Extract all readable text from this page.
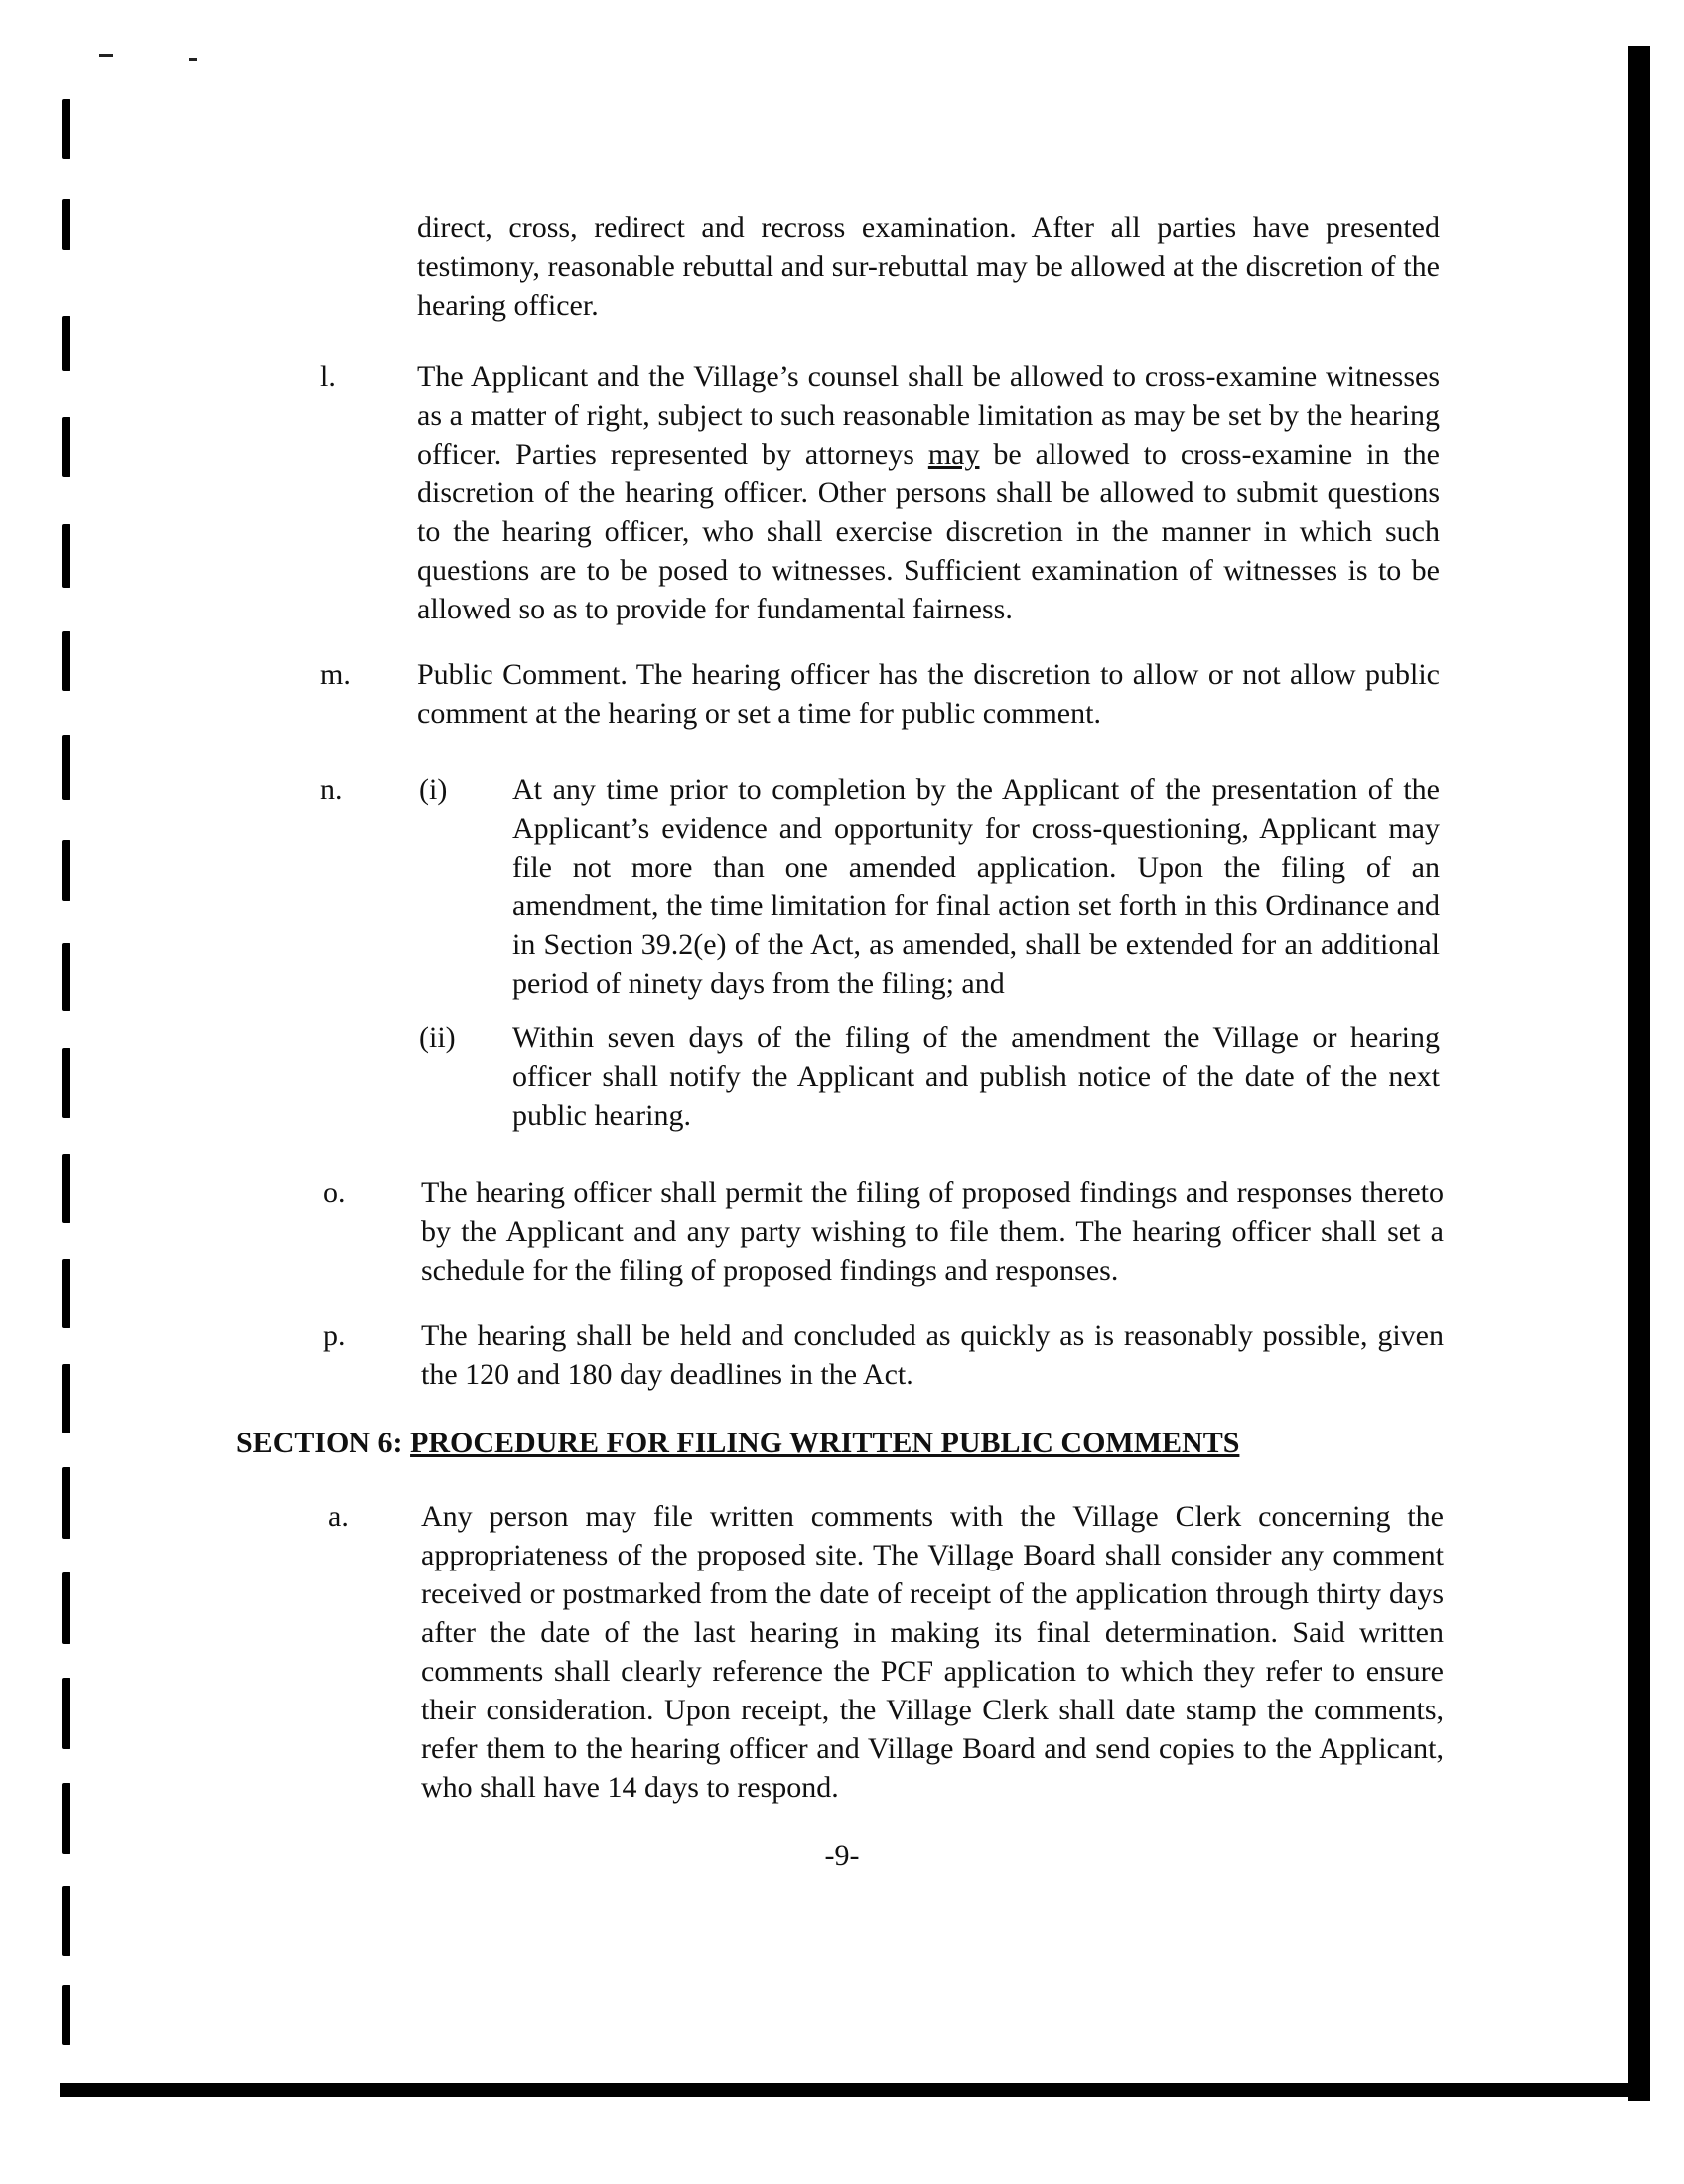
direct, cross, redirect and recross examination. After all parties have presented testimony, reasonable rebuttal and sur-rebuttal may be allowed at the discretion of the hearing officer.
l.	The Applicant and the Village’s counsel shall be allowed to cross-examine witnesses as a matter of right, subject to such reasonable limitation as may be set by the hearing officer. Parties represented by attorneys may be allowed to cross-examine in the discretion of the hearing officer. Other persons shall be allowed to submit questions to the hearing officer, who shall exercise discretion in the manner in which such questions are to be posed to witnesses. Sufficient examination of witnesses is to be allowed so as to provide for fundamental fairness.
m. Public Comment. The hearing officer has the discretion to allow or not allow public comment at the hearing or set a time for public comment.
n.	(i) At any time prior to completion by the Applicant of the presentation of the Applicant’s evidence and opportunity for cross-questioning, Applicant may file not more than one amended application. Upon the filing of an amendment, the time limitation for final action set forth in this Ordinance and in Section 39.2(e) of the Act, as amended, shall be extended for an additional period of ninety days from the filing; and
(ii) Within seven days of the filing of the amendment the Village or hearing officer shall notify the Applicant and publish notice of the date of the next public hearing.
o.	The hearing officer shall permit the filing of proposed findings and responses thereto by the Applicant and any party wishing to file them. The hearing officer shall set a schedule for the filing of proposed findings and responses.
p.	The hearing shall be held and concluded as quickly as is reasonably possible, given the 120 and 180 day deadlines in the Act.
SECTION 6: PROCEDURE FOR FILING WRITTEN PUBLIC COMMENTS
a. Any person may file written comments with the Village Clerk concerning the appropriateness of the proposed site. The Village Board shall consider any comment received or postmarked from the date of receipt of the application through thirty days after the date of the last hearing in making its final determination. Said written comments shall clearly reference the PCF application to which they refer to ensure their consideration. Upon receipt, the Village Clerk shall date stamp the comments, refer them to the hearing officer and Village Board and send copies to the Applicant, who shall have 14 days to respond.
-9-
